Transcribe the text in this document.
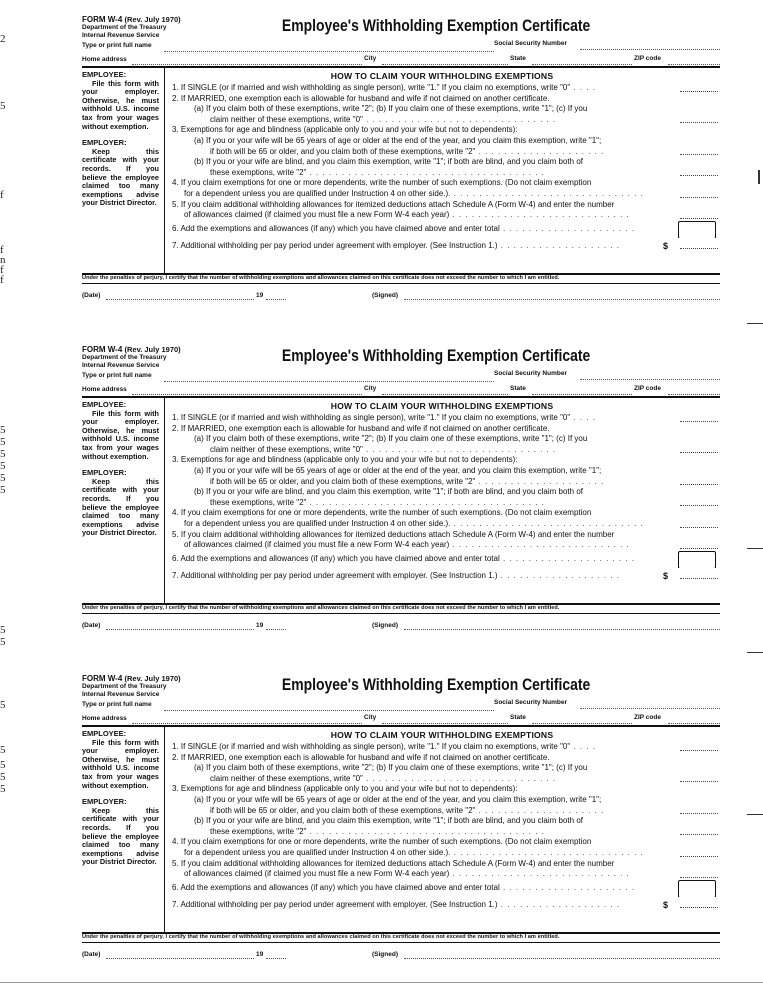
2
5
f
f
f
n
f
5
5
5
5
5
5
5
5
5
5
5
5
5
FORM W-4 (Rev. July 1970)
Department of the Treasury
Internal Revenue Service
Employee's Withholding Exemption Certificate
Type or print full name	Social Security Number
Home address	City	State	ZIP code
EMPLOYEE:
File this form with your employer. Otherwise, he must withhold U.S. income tax from your wages without exemption.
EMPLOYER:
Keep this certificate with your records. If you believe the employee claimed too many exemptions advise your District Director.
HOW TO CLAIM YOUR WITHHOLDING EXEMPTIONS
1. If SINGLE (or if married and wish withholding as single person), write "1." If you claim no exemptions, write "0" . . . .
2. If MARRIED, one exemption each is allowable for husband and wife if not claimed on another certificate.
(a) If you claim both of these exemptions, write "2"; (b) If you claim one of these exemptions, write "1"; (c) If you
claim neither of these exemptions, write "0" . . . . . . . . . . . . . . . . . . . . . . . . . . . . . .
3. Exemptions for age and blindness (applicable only to you and your wife but not to dependents):
(a) If you or your wife will be 65 years of age or older at the end of the year, and you claim this exemption, write "1";
if both will be 65 or older, and you claim both of these exemptions, write "2" . . . . . . . . . . . . . . . . . . . .
(b) If you or your wife are blind, and you claim this exemption, write "1"; if both are blind, and you claim both of
these exemptions, write "2" . . . . . . . . . . . . . . . . . . . . . . . . . . . . . . . . . . . . .
4. If you claim exemptions for one or more dependents, write the number of such exemptions. (Do not claim exemption
for a dependent unless you are qualified under Instruction 4 on other side.). . . . . . . . . . . . . . . . . . . . . . . . . . . . . . .
5. If you claim additional withholding allowances for itemized deductions attach Schedule A (Form W-4) and enter the number
of allowances claimed (if claimed you must file a new Form W-4 each year) . . . . . . . . . . . . . . . . . . . . . . . . . . . .
6. Add the exemptions and allowances (if any) which you have claimed above and enter total . . . . . . . . . . . . . . . . . . . . .
7. Additional withholding per pay period under agreement with employer. (See Instruction 1.) . . . . . . . . . . . . . . . . . . .	$
Under the penalties of perjury, I certify that the number of withholding exemptions and allowances claimed on this certificate does not exceed the number to which I am entitled.
(Date)	19	(Signed)
FORM W-4 (Rev. July 1970)
Department of the Treasury
Internal Revenue Service
Employee's Withholding Exemption Certificate
Type or print full name	Social Security Number
Home address	City	State	ZIP code
EMPLOYEE:
File this form with your employer. Otherwise, he must withhold U.S. income tax from your wages without exemption.
EMPLOYER:
Keep this certificate with your records. If you believe the employee claimed too many exemptions advise your District Director.
HOW TO CLAIM YOUR WITHHOLDING EXEMPTIONS
1. If SINGLE (or if married and wish withholding as single person), write "1." If you claim no exemptions, write "0" . . . .
2. If MARRIED, one exemption each is allowable for husband and wife if not claimed on another certificate.
(a) If you claim both of these exemptions, write "2"; (b) If you claim one of these exemptions, write "1"; (c) If you
claim neither of these exemptions, write "0" . . . . . . . . . . . . . . . . . . . . . . . . . . . . . .
3. Exemptions for age and blindness (applicable only to you and your wife but not to dependents):
(a) If you or your wife will be 65 years of age or older at the end of the year, and you claim this exemption, write "1";
if both will be 65 or older, and you claim both of these exemptions, write "2" . . . . . . . . . . . . . . . . . . . .
(b) If you or your wife are blind, and you claim this exemption, write "1"; if both are blind, and you claim both of
these exemptions, write "2" . . . . . . . . . . . . . . . . . . . . . . . . . . . . . . . . . . . . .
4. If you claim exemptions for one or more dependents, write the number of such exemptions. (Do not claim exemption
for a dependent unless you are qualified under Instruction 4 on other side.). . . . . . . . . . . . . . . . . . . . . . . . . . . . . . .
5. If you claim additional withholding allowances for itemized deductions attach Schedule A (Form W-4) and enter the number
of allowances claimed (if claimed you must file a new Form W-4 each year) . . . . . . . . . . . . . . . . . . . . . . . . . . . .
6. Add the exemptions and allowances (if any) which you have claimed above and enter total . . . . . . . . . . . . . . . . . . . . .
7. Additional withholding per pay period under agreement with employer. (See Instruction 1.) . . . . . . . . . . . . . . . . . . .	$
Under the penalties of perjury, I certify that the number of withholding exemptions and allowances claimed on this certificate does not exceed the number to which I am entitled.
(Date)	19	(Signed)
FORM W-4 (Rev. July 1970)
Department of the Treasury
Internal Revenue Service
Employee's Withholding Exemption Certificate
Type or print full name	Social Security Number
Home address	City	State	ZIP code
EMPLOYEE:
File this form with your employer. Otherwise, he must withhold U.S. income tax from your wages without exemption.
EMPLOYER:
Keep this certificate with your records. If you believe the employee claimed too many exemptions advise your District Director.
HOW TO CLAIM YOUR WITHHOLDING EXEMPTIONS
1. If SINGLE (or if married and wish withholding as single person), write "1." If you claim no exemptions, write "0" . . . .
2. If MARRIED, one exemption each is allowable for husband and wife if not claimed on another certificate.
(a) If you claim both of these exemptions, write "2"; (b) If you claim one of these exemptions, write "1"; (c) If you
claim neither of these exemptions, write "0" . . . . . . . . . . . . . . . . . . . . . . . . . . . . . .
3. Exemptions for age and blindness (applicable only to you and your wife but not to dependents):
(a) If you or your wife will be 65 years of age or older at the end of the year, and you claim this exemption, write "1";
if both will be 65 or older, and you claim both of these exemptions, write "2" . . . . . . . . . . . . . . . . . . . .
(b) If you or your wife are blind, and you claim this exemption, write "1"; if both are blind, and you claim both of
these exemptions, write "2" . . . . . . . . . . . . . . . . . . . . . . . . . . . . . . . . . . . . .
4. If you claim exemptions for one or more dependents, write the number of such exemptions. (Do not claim exemption
for a dependent unless you are qualified under Instruction 4 on other side.). . . . . . . . . . . . . . . . . . . . . . . . . . . . . . .
5. If you claim additional withholding allowances for itemized deductions attach Schedule A (Form W-4) and enter the number
of allowances claimed (if claimed you must file a new Form W-4 each year) . . . . . . . . . . . . . . . . . . . . . . . . . . . .
6. Add the exemptions and allowances (if any) which you have claimed above and enter total . . . . . . . . . . . . . . . . . . . . .
7. Additional withholding per pay period under agreement with employer. (See Instruction 1.) . . . . . . . . . . . . . . . . . . .	$
Under the penalties of perjury, I certify that the number of withholding exemptions and allowances claimed on this certificate does not exceed the number to which I am entitled.
(Date)	19	(Signed)
